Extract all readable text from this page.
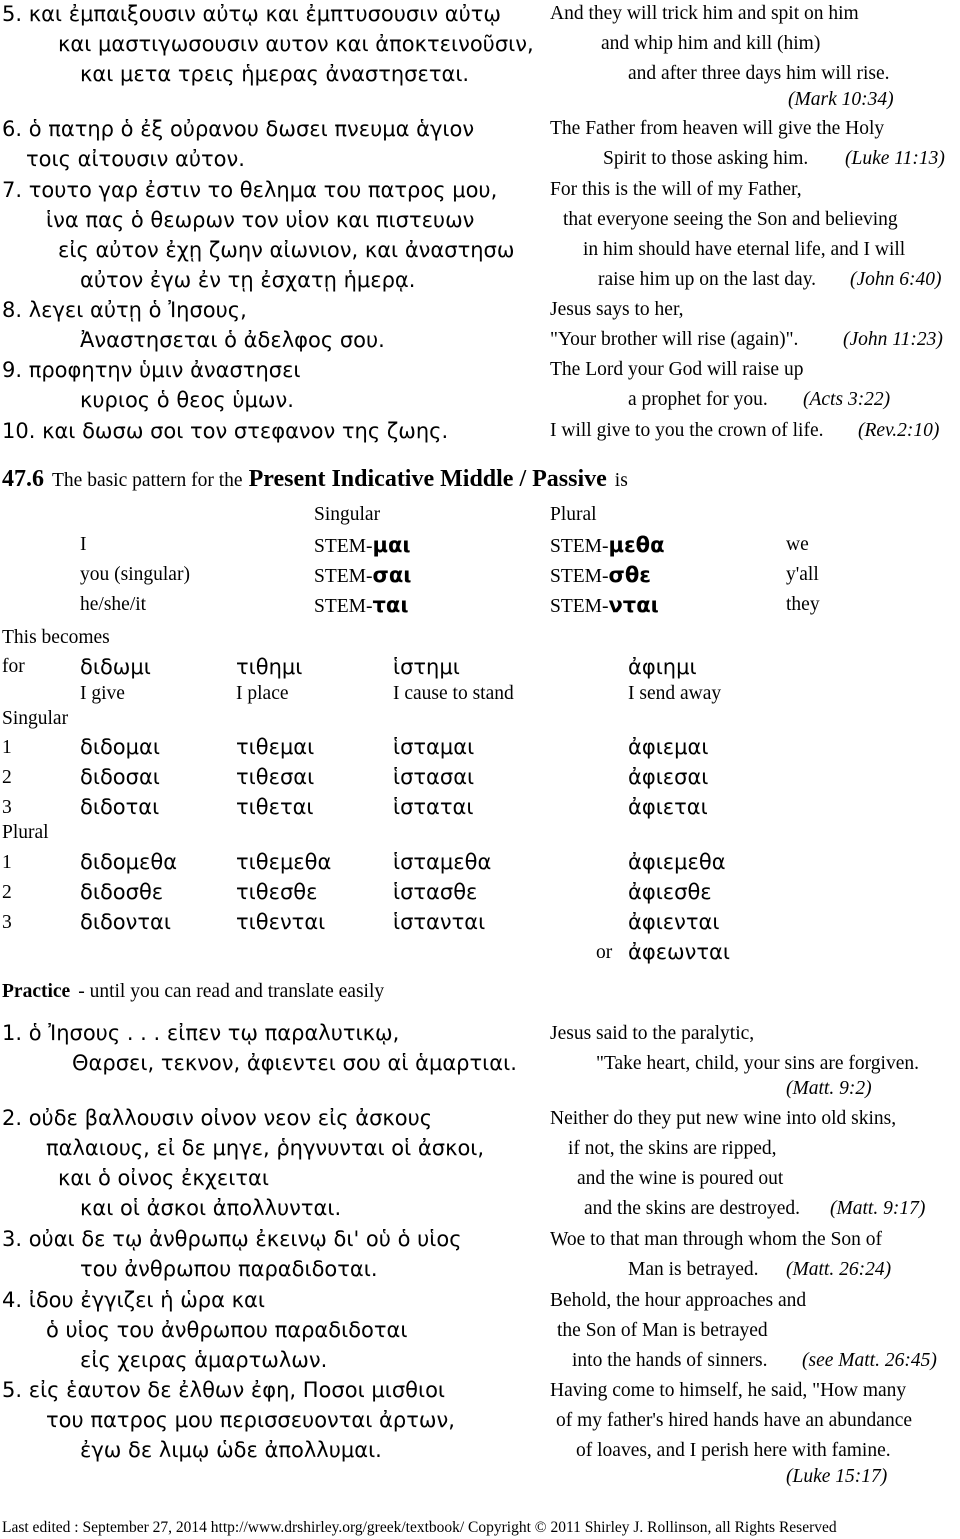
5. και ἐμπαιξουσιν αὐτῳ και ἐμπτυσουσιν αὐτῳ	And they will trick him and spit on him
και μαστιγωσουσιν αυτον και ἀποκτεινοῦσιν,	and whip him and kill (him)
και μετα τρεις ἡμερας ἀναστησεται.	and after three days him will rise.
(Mark 10:34)
6. ὁ πατηρ ὁ ἐξ οὐρανου δωσει πνευμα ἁγιον	The Father from heaven will give the Holy
τοις αἰτουσιν αὐτον.	Spirit to those asking him. (Luke 11:13)
7. τουτο γαρ ἐστιν το θελημα του πατρος μου,	For this is the will of my Father,
ἱνα πας ὁ θεωρων τον υἱον και πιστευων	that everyone seeing the Son and believing
εἰς αὐτον ἐχῃ ζωην αἰωνιον, και ἀναστησω	in him should have eternal life, and I will
αὐτον ἐγω ἐν τῃ ἐσχατῃ ἡμερᾳ.	raise him up on the last day. (John 6:40)
8. λεγει αὐτῃ ὁ Ἰησους,	Jesus says to her,
Ἀναστησεται ὁ ἀδελφος σου.	"Your brother will rise (again)". (John 11:23)
9. προφητην ὑμιν ἀναστησει	The Lord your God will raise up
κυριος ὁ θεος ὑμων.	a prophet for you. (Acts 3:22)
10. και δωσω σοι τον στεφανον της ζωης.	I will give to you the crown of life. (Rev.2:10)
47.6 The basic pattern for the Present Indicative Middle / Passive is
Singular	Plural
I	STEM-μαι	STEM-μεθα	we
you (singular)	STEM-σαι	STEM-σθε	y'all
he/she/it	STEM-ται	STEM-νται	they
This becomes
for	διδωμι	τιθημι	ἱστημι	ἀφιημι
I give	I place	I cause to stand	I send away
Singular
1	διδομαι	τιθεμαι	ἱσταμαι	ἀφιεμαι
2	διδοσαι	τιθεσαι	ἱστασαι	ἀφιεσαι
3	διδοται	τιθεται	ἱσταται	ἀφιεται
Plural
1	διδομεθα	τιθεμεθα	ἱσταμεθα	ἀφιεμεθα
2	διδοσθε	τιθεσθε	ἱστασθε	ἀφιεσθε
3	διδονται	τιθενται	ἱστανται	ἀφιενται
or ἀφεωνται
Practice - until you can read and translate easily
1. ὁ Ἰησους . . . εἰπεν τῳ παραλυτικῳ,	Jesus said to the paralytic,
Θαρσει, τεκνον, ἀφιεντει σου αἱ ἁμαρτιαι.	"Take heart, child, your sins are forgiven.
(Matt. 9:2)
2. οὐδε βαλλουσιν οἰνον νεον εἰς ἀσκους	Neither do they put new wine into old skins,
παλαιους, εἰ δε μηγε, ῥηγνυνται οἱ ἀσκοι,	if not, the skins are ripped,
και ὁ οἰνος ἐκχειται	and the wine is poured out
και οἱ ἀσκοι ἀπολλυνται.	and the skins are destroyed. (Matt. 9:17)
3. οὐαι δε τῳ ἀνθρωπῳ ἐκεινῳ δι' οὑ ὁ υἱος	Woe to that man through whom the Son of
του ἀνθρωπου παραδιδοται.	Man is betrayed. (Matt. 26:24)
4. ἰδου ἐγγιζει ἡ ὡρα και	Behold, the hour approaches and
ὁ υἱος του ἀνθρωπου παραδιδοται	the Son of Man is betrayed
εἰς χειρας ἁμαρτωλων.	into the hands of sinners. (see Matt. 26:45)
5. εἰς ἑαυτον δε ἐλθων ἐφη, Ποσοι μισθιοι	Having come to himself, he said, "How many
του πατρος μου περισσευονται ἀρτων,	of my father's hired hands have an abundance
ἐγω δε λιμῳ ὡδε ἀπολλυμαι.	of loaves, and I perish here with famine.
(Luke 15:17)
Last edited : September 27, 2014 http://www.drshirley.org/greek/textbook/ Copyright © 2011 Shirley J. Rollinson, all Rights Reserved
